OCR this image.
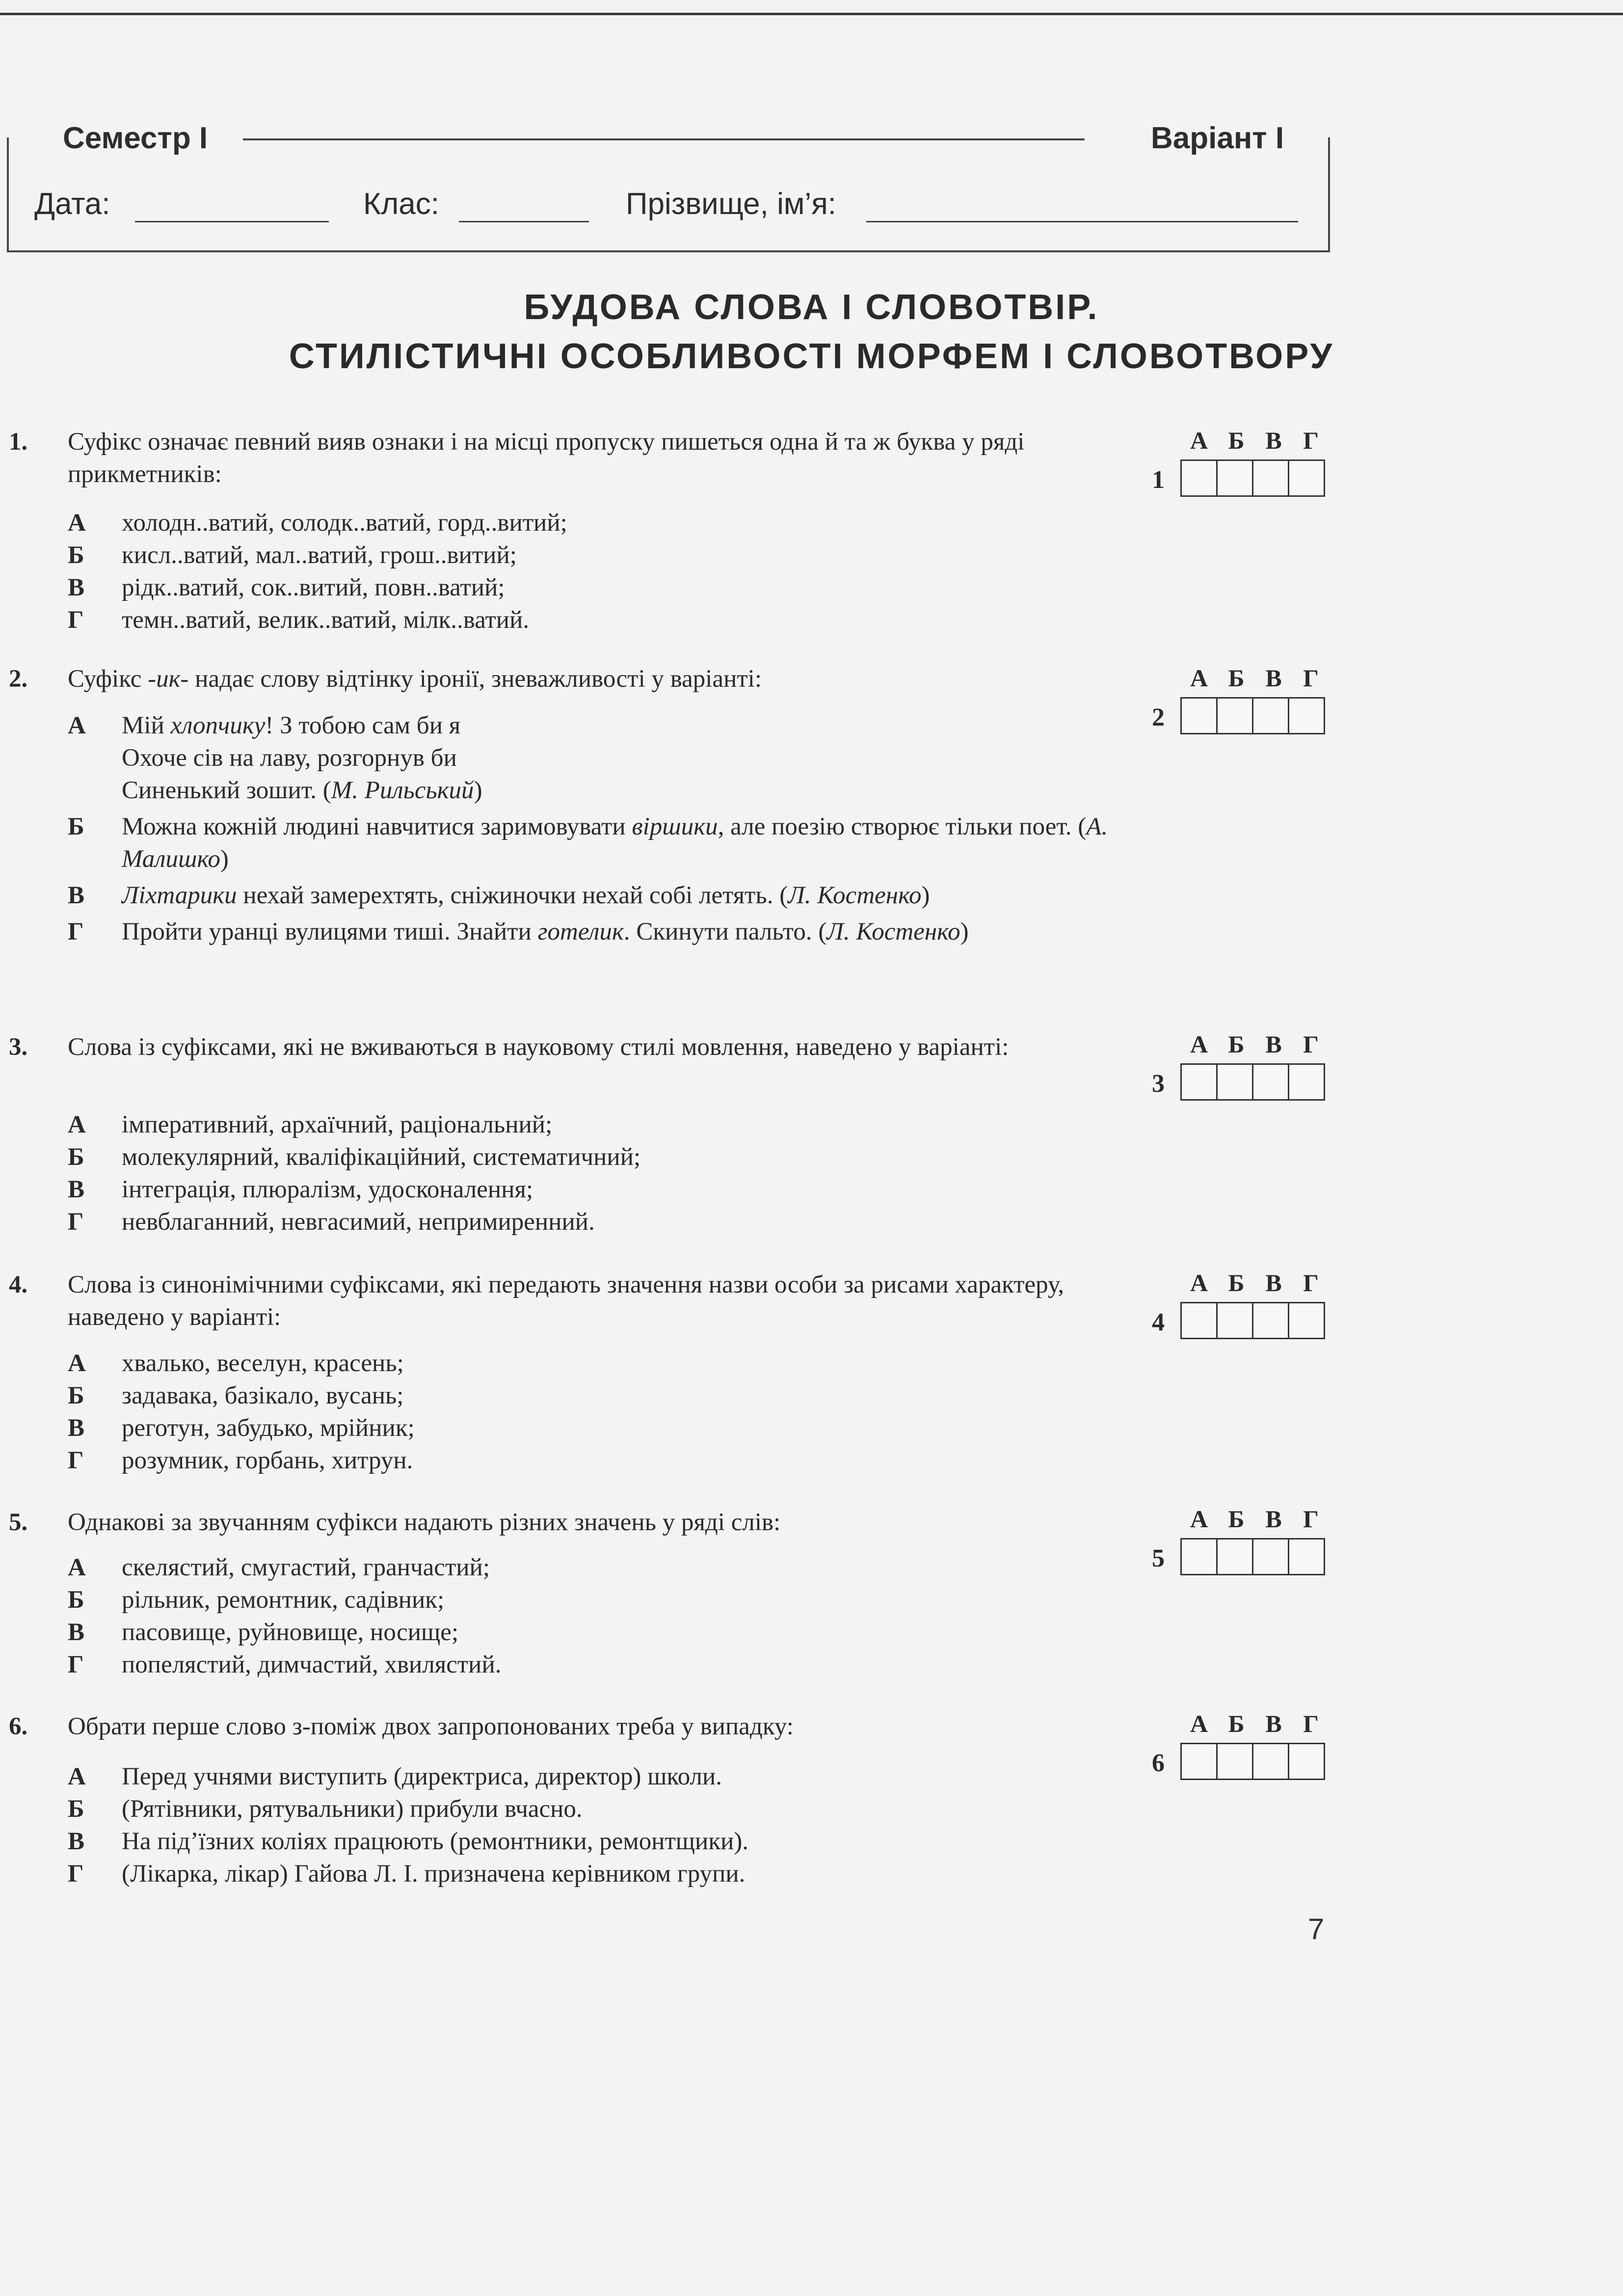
Семестр I	Варіант I
Дата:	Клас:	Прізвище, ім’я:
БУДОВА СЛОВА І СЛОВОТВІР.
СТИЛІСТИЧНІ ОСОБЛИВОСТІ МОРФЕМ І СЛОВОТВОРУ
1. Суфікс означає певний вияв ознаки і на місці пропуску пишеться одна й та ж буква у ряді прикметників:
А холодн..ватий, солодк..ватий, горд..витий;
Б кисл..ватий, мал..ватий, грош..витий;
В рідк..ватий, сок..витий, повн..ватий;
Г темн..ватий, велик..ватий, мілк..ватий.
А Б В Г
1
2. Суфікс -ик- надає слову відтінку іронії, зневажливості у варіанті:
А Мій хлопчику! З тобою сам би я
Охоче сів на лаву, розгорнув би
Синенький зошит. (М. Рильський)
Б Можна кожній людині навчитися заримовувати віршики, але поезію створює тільки поет. (А. Малишко)
В Ліхтарики нехай замерехтять, сніжиночки нехай собі летять. (Л. Костенко)
Г Пройти уранці вулицями тиші. Знайти готелик. Скинути пальто. (Л. Костенко)
А Б В Г
2
3. Слова із суфіксами, які не вживаються в науковому стилі мовлення, наведено у варіанті:
А імперативний, архаїчний, раціональний;
Б молекулярний, кваліфікаційний, систематичний;
В інтеграція, плюралізм, удосконалення;
Г невблаганний, невгасимий, непримиренний.
А Б В Г
3
4. Слова із синонімічними суфіксами, які передають значення назви особи за рисами характеру, наведено у варіанті:
А хвалько, веселун, красень;
Б задавака, базікало, вусань;
В реготун, забудько, мрійник;
Г розумник, горбань, хитрун.
А Б В Г
4
5. Однакові за звучанням суфікси надають різних значень у ряді слів:
А скелястий, смугастий, гранчастий;
Б рільник, ремонтник, садівник;
В пасовище, руйновище, носище;
Г попелястий, димчастий, хвилястий.
А Б В Г
5
6. Обрати перше слово з-поміж двох запропонованих треба у випадку:
А Перед учнями виступить (директриса, директор) школи.
Б (Рятівники, рятувальники) прибули вчасно.
В На під’їзних коліях працюють (ремонтники, ремонтщики).
Г (Лікарка, лікар) Гайова Л. І. призначена керівником групи.
А Б В Г
6
7
